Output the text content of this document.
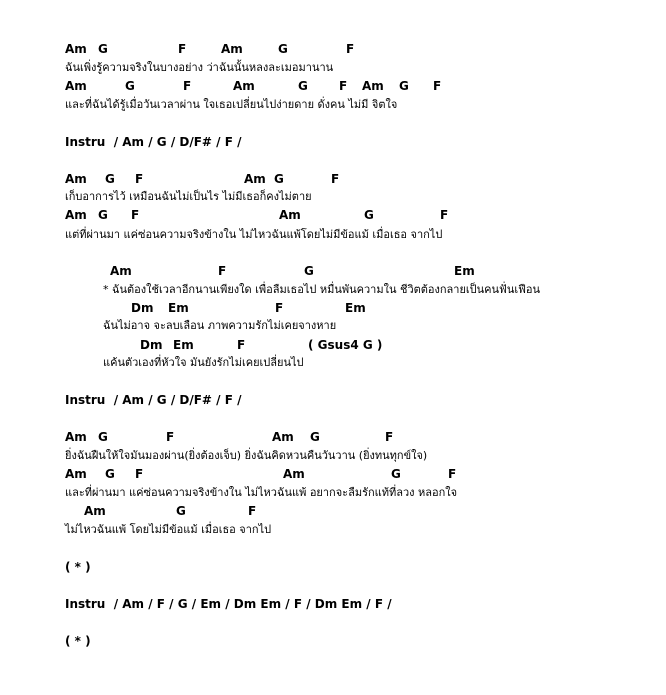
Am G	F	Am	G	F
ฉันเพิ่งรู้ความจริงในบางอย่าง ว่าฉันนั้นหลงละเมอมานาน
Am	G	F	Am	G	F Am G F
และที่ฉันได้รู้เมื่อวันเวลาผ่าน ใจเธอเปลี่ยนไปง่ายดาย ดั่งคน ไม่มี จิตใจ
Instru  / Am / G / D/F# / F /
Am G F	Am G	F
เก็บอาการไว้ เหมือนฉันไม่เป็นไร ไม่มีเธอก็คงไม่ตาย
Am G F	Am	G	F
แต่ที่ผ่านมา แค่ซ่อนความจริงข้างใน ไม่ไหวฉันแพ้โดยไม่มีข้อแม้ เมื่อเธอ จากไป
Am	F	G	Em
* ฉันต้องใช้เวลาอีกนานเพียงใด เพื่อลืมเธอไป หมื่นพันความใน ชีวิตต้องกลายเป็นคนฟั่นเฟือน
Dm Em	F	Em
ฉันไม่อาจ จะลบเลือน ภาพความรักไม่เคยจางหาย
Dm Em	F	( Gsus4 G )
แค้นตัวเองที่หัวใจ มันยังรักไม่เคยเปลี่ยนไป
Instru  / Am / G / D/F# / F /
Am G	F	Am G	F
ยิ่งฉันฝืนให้ใจมันมองผ่าน(ยิ่งต้องเจ็บ) ยิ่งฉันคิดหวนคืนวันวาน (ยิ่งทนทุกข์ใจ)
Am G F	Am	G	F
และที่ผ่านมา แค่ซ่อนความจริงข้างใน ไม่ไหวฉันแพ้ อยากจะลืมรักแท้ที่ลวง หลอกใจ
Am	G	F
ไม่ไหวฉันแพ้ โดยไม่มีข้อแม้ เมื่อเธอ จากไป
( * )
Instru  / Am / F / G / Em / Dm Em / F / Dm Em / F /
( * )
